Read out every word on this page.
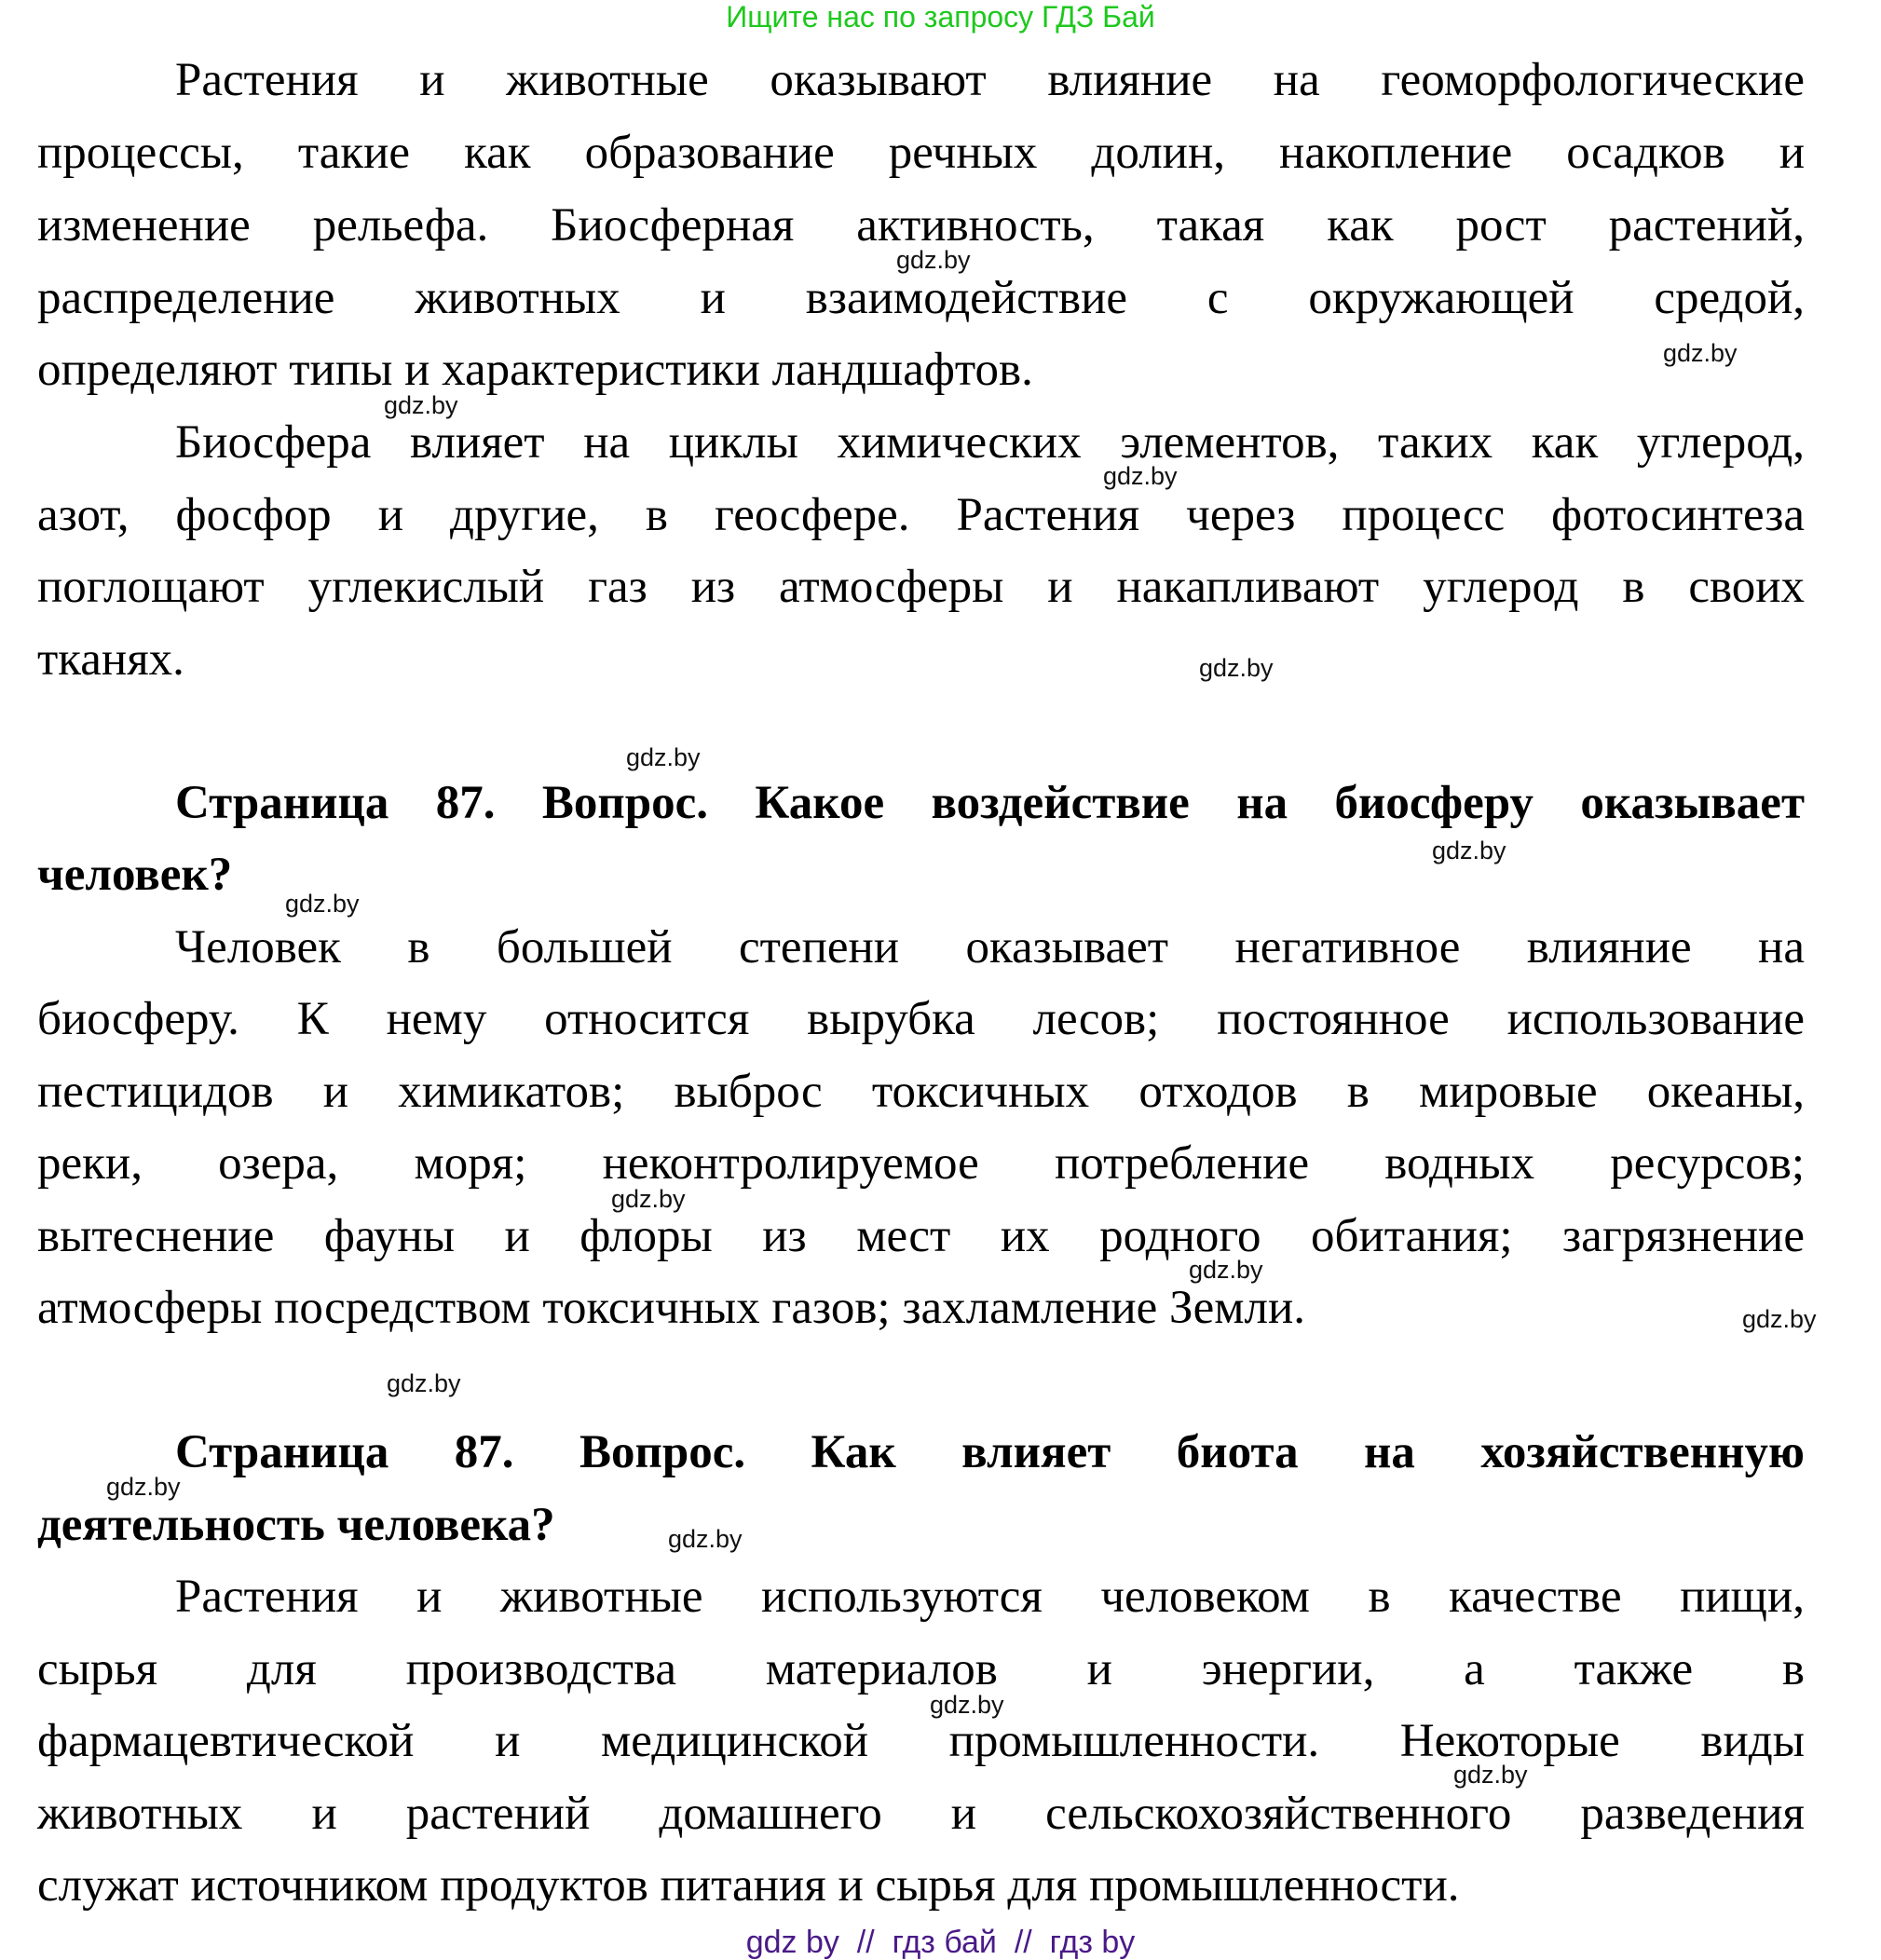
Ищите нас по запросу ГДЗ Бай
Растения и животные оказывают влияние на геоморфологические
процессы, такие как образование речных долин, накопление осадков и
изменение рельефа. Биосферная активность, такая как рост растений,
распределение животных и взаимодействие с окружающей средой,
определяют типы и характеристики ландшафтов.
Биосфера влияет на циклы химических элементов, таких как углерод,
азот, фосфор и другие, в геосфере. Растения через процесс фотосинтеза
поглощают углекислый газ из атмосферы и накапливают углерод в своих
тканях.
Страница 87. Вопрос. Какое воздействие на биосферу оказывает
человек?
Человек в большей степени оказывает негативное влияние на
биосферу. К нему относится вырубка лесов; постоянное использование
пестицидов и химикатов; выброс токсичных отходов в мировые океаны,
реки, озера, моря; неконтролируемое потребление водных ресурсов;
вытеснение фауны и флоры из мест их родного обитания; загрязнение
атмосферы посредством токсичных газов; захламление Земли.
Страница 87. Вопрос. Как влияет биота на хозяйственную
деятельность человека?
Растения и животные используются человеком в качестве пищи,
сырья для производства материалов и энергии, а также в
фармацевтической и медицинской промышленности. Некоторые виды
животных и растений домашнего и сельскохозяйственного разведения
служат источником продуктов питания и сырья для промышленности.
gdz.by
gdz.by
gdz.by
gdz.by
gdz.by
gdz.by
gdz.by
gdz.by
gdz.by
gdz.by
gdz.by
gdz.by
gdz.by
gdz.by
gdz.by
gdz.by
gdz by  //  гдз бай  //  гдз by
